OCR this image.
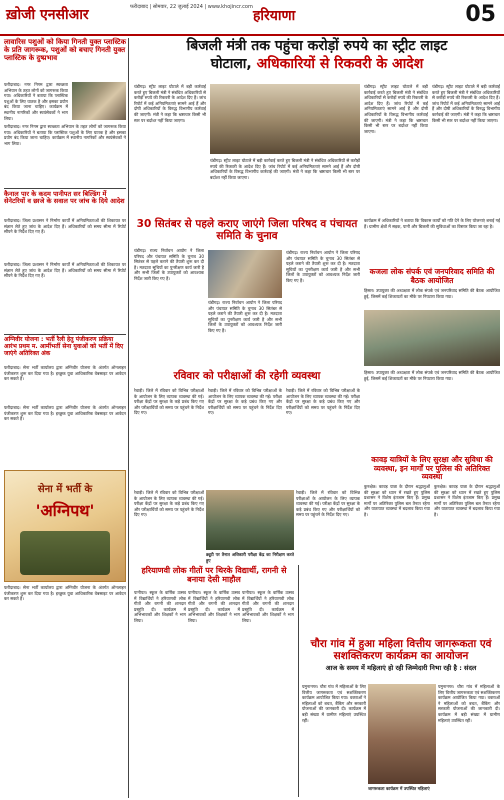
ख़ोजी एनसीआर	फरीदाबाद | सोमवार, 22 जुलाई 2024 | www.khojincr.com
हरियाणा	05
लावारिस पशुओं को किया गिनती युक्त प्लास्टिक के प्रति जागरूक, पशुओं को बचाए गिनती युक्त प्लास्टिक के दुष्प्रभाव
फरीदाबाद। नगर निगम द्वारा स्वच्छता अभियान के तहत लोगों को जागरूक किया गया। अधिकारियों ने बताया कि प्लास्टिक पशुओं के लिए घातक है और इसका प्रयोग बंद किया जाना चाहिए। कार्यक्रम में स्थानीय नागरिकों और स्वयंसेवकों ने भाग लिया।
फरीदाबाद। नगर निगम द्वारा स्वच्छता अभियान के तहत लोगों को जागरूक किया गया। अधिकारियों ने बताया कि प्लास्टिक पशुओं के लिए घातक है और इसका प्रयोग बंद किया जाना चाहिए। कार्यक्रम में स्थानीय नागरिकों और स्वयंसेवकों ने भाग लिया।
कैनाल पार के कदम पानीपत सर बिल्डिंग में सेनेटरियों व छाजे के सवाल पर जांच के दिये आदेश
फरीदाबाद। जिला प्रशासन ने निर्माण कार्यों में अनियमितताओं की शिकायत पर संज्ञान लेते हुए जांच के आदेश दिए हैं। अधिकारियों को समय सीमा में रिपोर्ट सौंपने के निर्देश दिए गए हैं।
फरीदाबाद। जिला प्रशासन ने निर्माण कार्यों में अनियमितताओं की शिकायत पर संज्ञान लेते हुए जांच के आदेश दिए हैं। अधिकारियों को समय सीमा में रिपोर्ट सौंपने के निर्देश दिए गए हैं।
अग्निवीर योजना : भर्ती रैली हेतु पंजीकरण प्रक्रिया आरंभ प्रथम म. आर्मीभर्ती सेना युवाओं को भर्ती में दिए जाएंगे अतिरिक्त अंक
फरीदाबाद। सेना भर्ती कार्यालय द्वारा अग्निवीर योजना के अंतर्गत ऑनलाइन पंजीकरण शुरू कर दिया गया है। इच्छुक युवा आधिकारिक वेबसाइट पर आवेदन कर सकते हैं।
फरीदाबाद। सेना भर्ती कार्यालय द्वारा अग्निवीर योजना के अंतर्गत ऑनलाइन पंजीकरण शुरू कर दिया गया है। इच्छुक युवा आधिकारिक वेबसाइट पर आवेदन कर सकते हैं।
सेना में भर्ती के
'अग्निपथ'
फरीदाबाद। सेना भर्ती कार्यालय द्वारा अग्निवीर योजना के अंतर्गत ऑनलाइन पंजीकरण शुरू कर दिया गया है। इच्छुक युवा आधिकारिक वेबसाइट पर आवेदन कर सकते हैं।
बिजली मंत्री तक पहुंचा करोड़ों रुपये का स्ट्रीट लाइट
घोटाला, अधिकारियों से रिकवरी के आदेश
चंडीगढ़। स्ट्रीट लाइट घोटाले में बड़ी कार्रवाई करते हुए बिजली मंत्री ने संबंधित अधिकारियों से करोड़ों रुपये की रिकवरी के आदेश दिए हैं। जांच रिपोर्ट में कई अनियमितताएं सामने आई हैं और दोषी अधिकारियों के विरुद्ध विभागीय कार्रवाई की जाएगी। मंत्री ने कहा कि भ्रष्टाचार किसी भी स्तर पर बर्दाश्त नहीं किया जाएगा।
चंडीगढ़। स्ट्रीट लाइट घोटाले में बड़ी कार्रवाई करते हुए बिजली मंत्री ने संबंधित अधिकारियों से करोड़ों रुपये की रिकवरी के आदेश दिए हैं। जांच रिपोर्ट में कई अनियमितताएं सामने आई हैं और दोषी अधिकारियों के विरुद्ध विभागीय कार्रवाई की जाएगी। मंत्री ने कहा कि भ्रष्टाचार किसी भी स्तर पर बर्दाश्त नहीं किया जाएगा।
चंडीगढ़। स्ट्रीट लाइट घोटाले में बड़ी कार्रवाई करते हुए बिजली मंत्री ने संबंधित अधिकारियों से करोड़ों रुपये की रिकवरी के आदेश दिए हैं। जांच रिपोर्ट में कई अनियमितताएं सामने आई हैं और दोषी अधिकारियों के विरुद्ध विभागीय कार्रवाई की जाएगी। मंत्री ने कहा कि भ्रष्टाचार किसी भी स्तर पर बर्दाश्त नहीं किया जाएगा।
चंडीगढ़। स्ट्रीट लाइट घोटाले में बड़ी कार्रवाई करते हुए बिजली मंत्री ने संबंधित अधिकारियों से करोड़ों रुपये की रिकवरी के आदेश दिए हैं। जांच रिपोर्ट में कई अनियमितताएं सामने आई हैं और दोषी अधिकारियों के विरुद्ध विभागीय कार्रवाई की जाएगी। मंत्री ने कहा कि भ्रष्टाचार किसी भी स्तर पर बर्दाश्त नहीं किया जाएगा।
30 सितंबर से पहले कराए जाएंगे जिला परिषद व पंचायत समिति के चुनाव
चंडीगढ़। राज्य निर्वाचन आयोग ने जिला परिषद और पंचायत समिति के चुनाव 30 सितंबर से पहले कराने की तैयारी शुरू कर दी है। मतदाता सूचियों का पुनरीक्षण कार्य जारी है और सभी जिलों के उपायुक्तों को आवश्यक निर्देश जारी किए गए हैं।
चंडीगढ़। राज्य निर्वाचन आयोग ने जिला परिषद और पंचायत समिति के चुनाव 30 सितंबर से पहले कराने की तैयारी शुरू कर दी है। मतदाता सूचियों का पुनरीक्षण कार्य जारी है और सभी जिलों के उपायुक्तों को आवश्यक निर्देश जारी किए गए हैं।
चंडीगढ़। राज्य निर्वाचन आयोग ने जिला परिषद और पंचायत समिति के चुनाव 30 सितंबर से पहले कराने की तैयारी शुरू कर दी है। मतदाता सूचियों का पुनरीक्षण कार्य जारी है और सभी जिलों के उपायुक्तों को आवश्यक निर्देश जारी किए गए हैं।
रविवार को परीक्षाओं की रहेगी व्यवस्था
रेवाड़ी। जिले में रविवार को विभिन्न परीक्षाओं के आयोजन के लिए व्यापक व्यवस्था की गई। परीक्षा केंद्रों पर सुरक्षा के कड़े प्रबंध किए गए और परीक्षार्थियों को समय पर पहुंचने के निर्देश दिए गए।
रेवाड़ी। जिले में रविवार को विभिन्न परीक्षाओं के आयोजन के लिए व्यापक व्यवस्था की गई। परीक्षा केंद्रों पर सुरक्षा के कड़े प्रबंध किए गए और परीक्षार्थियों को समय पर पहुंचने के निर्देश दिए गए।
रेवाड़ी। जिले में रविवार को विभिन्न परीक्षाओं के आयोजन के लिए व्यापक व्यवस्था की गई। परीक्षा केंद्रों पर सुरक्षा के कड़े प्रबंध किए गए और परीक्षार्थियों को समय पर पहुंचने के निर्देश दिए गए।
ड्यूटी पर तैनात अधिकारी परीक्षा केंद्र का निरीक्षण करते हुए
रेवाड़ी। जिले में रविवार को विभिन्न परीक्षाओं के आयोजन के लिए व्यापक व्यवस्था की गई। परीक्षा केंद्रों पर सुरक्षा के कड़े प्रबंध किए गए और परीक्षार्थियों को समय पर पहुंचने के निर्देश दिए गए।
रेवाड़ी। जिले में रविवार को विभिन्न परीक्षाओं के आयोजन के लिए व्यापक व्यवस्था की गई। परीक्षा केंद्रों पर सुरक्षा के कड़े प्रबंध किए गए और परीक्षार्थियों को समय पर पहुंचने के निर्देश दिए गए।
हरियाणवी लोक गीतों पर थिरके विद्यार्थी, रागनी से बनाया देसी माहौल
पानीपत। स्कूल के वार्षिक उत्सव में विद्यार्थियों ने हरियाणवी लोक गीतों और रागनी की शानदार प्रस्तुति दी। कार्यक्रम में अभिभावकों और शिक्षकों ने भाग लिया।
पानीपत। स्कूल के वार्षिक उत्सव में विद्यार्थियों ने हरियाणवी लोक गीतों और रागनी की शानदार प्रस्तुति दी। कार्यक्रम में अभिभावकों और शिक्षकों ने भाग लिया।
पानीपत। स्कूल के वार्षिक उत्सव में विद्यार्थियों ने हरियाणवी लोक गीतों और रागनी की शानदार प्रस्तुति दी। कार्यक्रम में अभिभावकों और शिक्षकों ने भाग लिया।
कार्यक्रम में अधिकारियों ने बताया कि विकास कार्यों को गति देने के लिए योजनाएं बनाई गई हैं। ग्रामीण क्षेत्रों में सड़क, पानी और बिजली की सुविधाओं का विस्तार किया जा रहा है।
कजला लोक संपर्क एवं जनपरिवाद समिति की बैठक आयोजित
हिसार। उपायुक्त की अध्यक्षता में लोक संपर्क एवं जनपरिवाद समिति की बैठक आयोजित हुई, जिसमें कई शिकायतों का मौके पर निपटारा किया गया।
हिसार। उपायुक्त की अध्यक्षता में लोक संपर्क एवं जनपरिवाद समिति की बैठक आयोजित हुई, जिसमें कई शिकायतों का मौके पर निपटारा किया गया।
कावड़ यात्रियों के लिए सुरक्षा और सुविधा की व्यवस्था, इन मार्गों पर पुलिस की अतिरिक्त व्यवस्था
कुरुक्षेत्र। कावड़ यात्रा के दौरान श्रद्धालुओं की सुरक्षा को ध्यान में रखते हुए पुलिस प्रशासन ने विशेष इंतजाम किए हैं। प्रमुख मार्गों पर अतिरिक्त पुलिस बल तैनात रहेगा और यातायात व्यवस्था में बदलाव किया गया है।
कुरुक्षेत्र। कावड़ यात्रा के दौरान श्रद्धालुओं की सुरक्षा को ध्यान में रखते हुए पुलिस प्रशासन ने विशेष इंतजाम किए हैं। प्रमुख मार्गों पर अतिरिक्त पुलिस बल तैनात रहेगा और यातायात व्यवस्था में बदलाव किया गया है।
चौरा गांव में हुआ महिला वित्तीय जागरूकता एवं सशक्तिकरण कार्यक्रम का आयोजन
आज के समय में महिलाएं हो रही जिम्मेदारी निभा रही है : संदल
यमुनानगर। चौरा गांव में महिलाओं के लिए वित्तीय जागरूकता एवं सशक्तिकरण कार्यक्रम आयोजित किया गया। वक्ताओं ने महिलाओं को बचत, बैंकिंग और सरकारी योजनाओं की जानकारी दी। कार्यक्रम में बड़ी संख्या में ग्रामीण महिलाएं उपस्थित रहीं।
जागरूकता कार्यक्रम में उपस्थित महिलाएं
यमुनानगर। चौरा गांव में महिलाओं के लिए वित्तीय जागरूकता एवं सशक्तिकरण कार्यक्रम आयोजित किया गया। वक्ताओं ने महिलाओं को बचत, बैंकिंग और सरकारी योजनाओं की जानकारी दी। कार्यक्रम में बड़ी संख्या में ग्रामीण महिलाएं उपस्थित रहीं।
